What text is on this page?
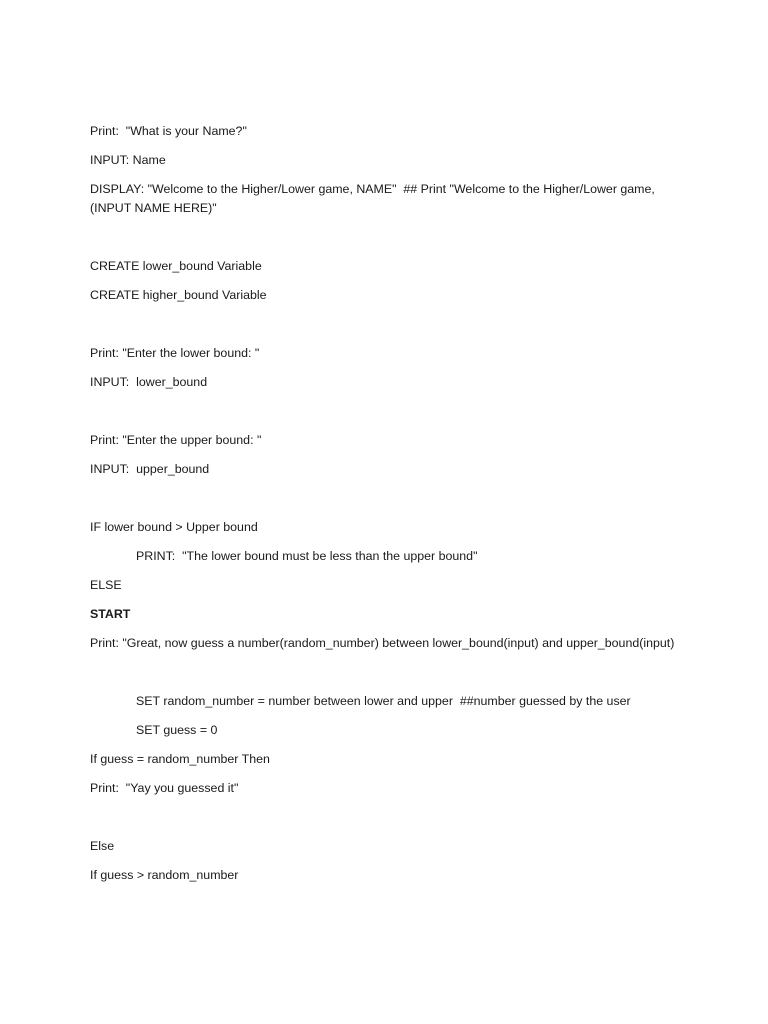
Print:  "What is your Name?"

INPUT: Name

DISPLAY: "Welcome to the Higher/Lower game, NAME"  ## Print "Welcome to the Higher/Lower game, (INPUT NAME HERE)"

CREATE lower_bound Variable

CREATE higher_bound Variable

Print: "Enter the lower bound: "

INPUT:  lower_bound

Print: "Enter the upper bound: "

INPUT:  upper_bound

IF lower bound > Upper bound

PRINT:  "The lower bound must be less than the upper bound"

ELSE

START

Print: "Great, now guess a number(random_number) between lower_bound(input) and upper_bound(input)

SET random_number = number between lower and upper  ##number guessed by the user

SET guess = 0

If guess = random_number Then

Print:  "Yay you guessed it"

Else

If guess > random_number
